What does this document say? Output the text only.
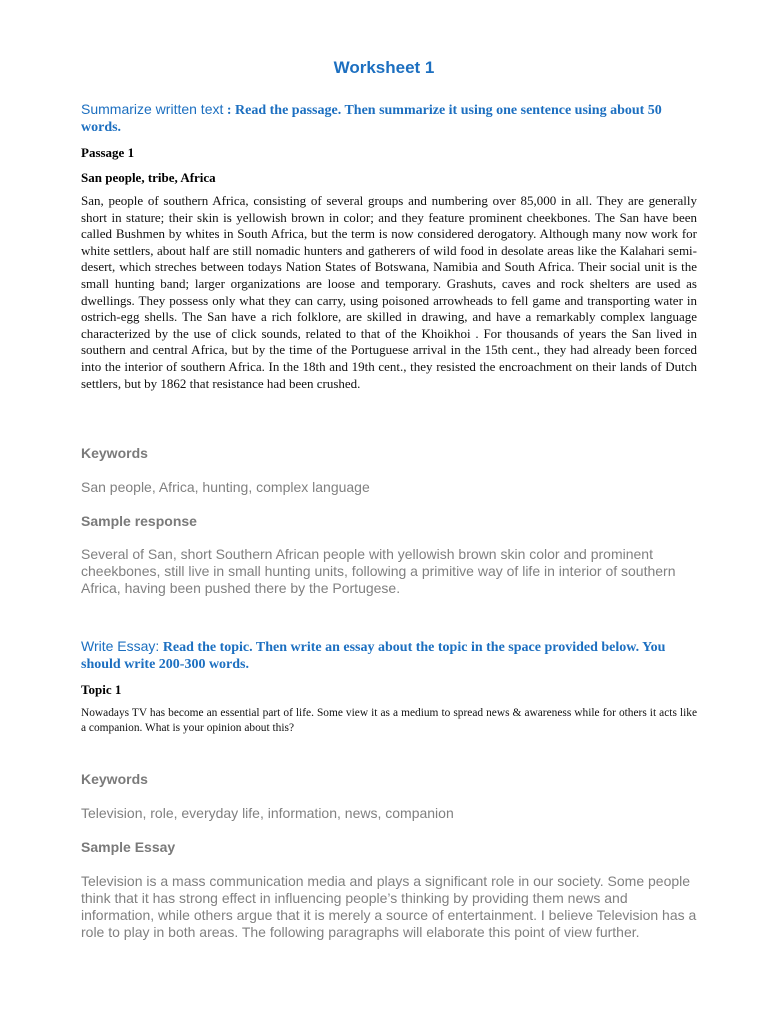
Worksheet 1

Summarize written text : Read the passage. Then summarize it using one sentence using about 50 words.

Passage 1

San people, tribe, Africa

San, people of southern Africa, consisting of several groups and numbering over 85,000 in all. They are generally short in stature; their skin is yellowish brown in color; and they feature prominent cheekbones. The San have been called Bushmen by whites in South Africa, but the term is now considered derogatory. Although many now work for white settlers, about half are still nomadic hunters and gatherers of wild food in desolate areas like the Kalahari semi-desert, which streches between todays Nation States of Botswana, Namibia and South Africa. Their social unit is the small hunting band; larger organizations are loose and temporary. Grashuts, caves and rock shelters are used as dwellings. They possess only what they can carry, using poisoned arrowheads to fell game and transporting water in ostrich-egg shells. The San have a rich folklore, are skilled in drawing, and have a remarkably complex language characterized by the use of click sounds, related to that of the Khoikhoi . For thousands of years the San lived in southern and central Africa, but by the time of the Portuguese arrival in the 15th cent., they had already been forced into the interior of southern Africa. In the 18th and 19th cent., they resisted the encroachment on their lands of Dutch settlers, but by 1862 that resistance had been crushed.

Keywords

San people, Africa, hunting, complex language

Sample response

Several of San, short Southern African people with yellowish brown skin color and prominent cheekbones, still live in small hunting units, following a primitive way of life in interior of southern Africa, having been pushed there by the Portugese.

Write Essay: Read the topic. Then write an essay about the topic in the space provided below. You should write 200-300 words.

Topic 1

Nowadays TV has become an essential part of life. Some view it as a medium to spread news & awareness while for others it acts like a companion. What is your opinion about this?

Keywords

Television, role, everyday life, information, news, companion

Sample Essay

Television is a mass communication media and plays a significant role in our society. Some people think that it has strong effect in influencing people’s thinking by providing them news and information, while others argue that it is merely a source of entertainment. I believe Television has a role to play in both areas. The following paragraphs will elaborate this point of view further.
